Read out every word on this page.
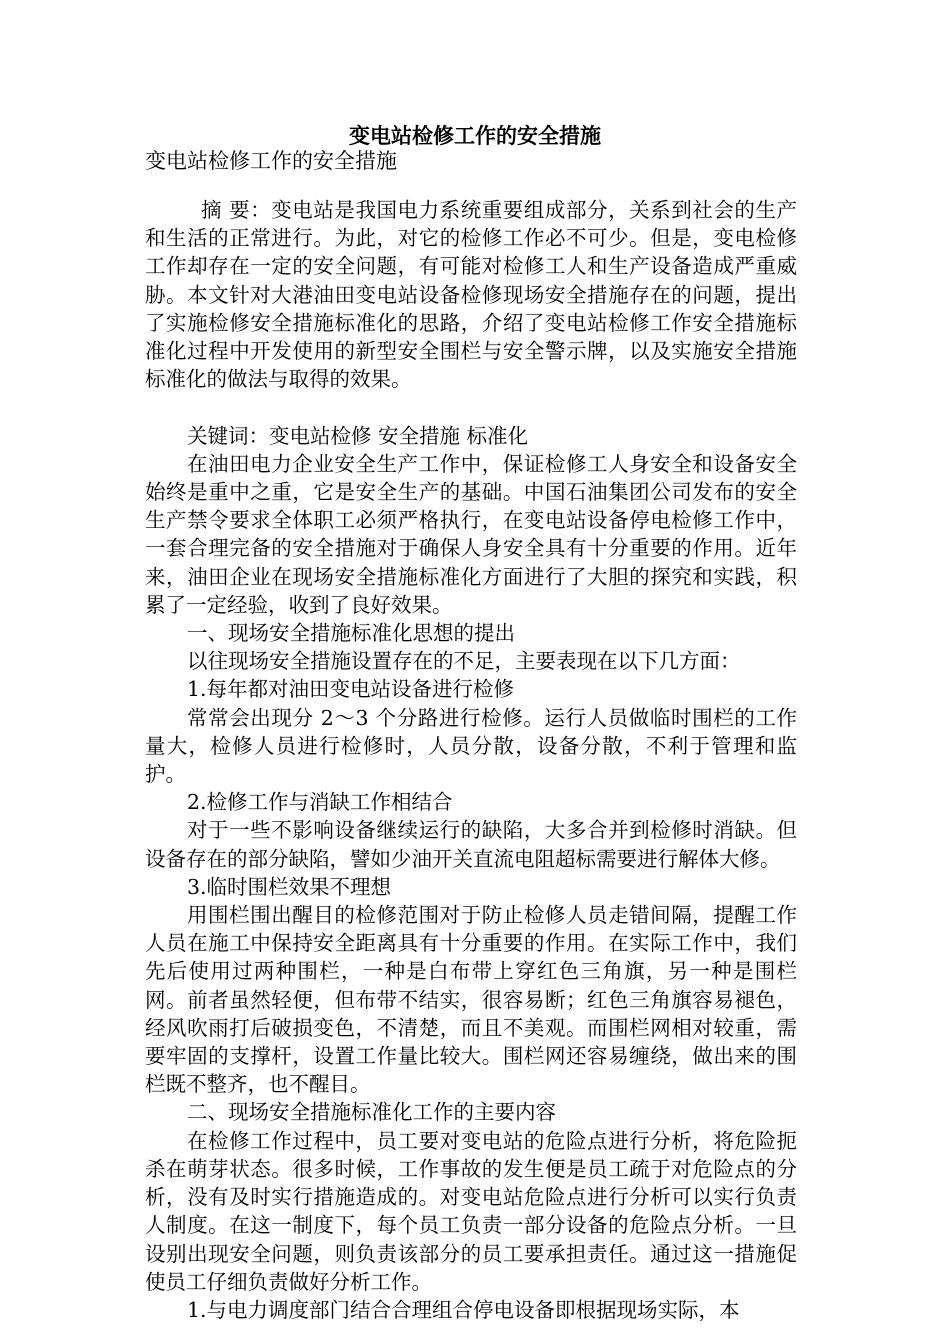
变电站检修工作的安全措施
变电站检修工作的安全措施

摘 要：变电站是我国电力系统重要组成部分，关系到社会的生产和生活的正常进行。为此，对它的检修工作必不可少。但是，变电检修工作却存在一定的安全问题，有可能对检修工人和生产设备造成严重威胁。本文针对大港油田变电站设备检修现场安全措施存在的问题，提出了实施检修安全措施标准化的思路，介绍了变电站检修工作安全措施标准化过程中开发使用的新型安全围栏与安全警示牌，以及实施安全措施标准化的做法与取得的效果。

关键词：变电站检修 安全措施 标准化

在油田电力企业安全生产工作中，保证检修工人身安全和设备安全始终是重中之重，它是安全生产的基础。中国石油集团公司发布的安全生产禁令要求全体职工必须严格执行，在变电站设备停电检修工作中，一套合理完备的安全措施对于确保人身安全具有十分重要的作用。近年来，油田企业在现场安全措施标准化方面进行了大胆的探究和实践，积累了一定经验，收到了良好效果。

一、现场安全措施标准化思想的提出

以往现场安全措施设置存在的不足，主要表现在以下几方面：

1.每年都对油田变电站设备进行检修

常常会出现分 2～3 个分路进行检修。运行人员做临时围栏的工作量大，检修人员进行检修时，人员分散，设备分散，不利于管理和监护。

2.检修工作与消缺工作相结合

对于一些不影响设备继续运行的缺陷，大多合并到检修时消缺。但设备存在的部分缺陷，譬如少油开关直流电阻超标需要进行解体大修。

3.临时围栏效果不理想

用围栏围出醒目的检修范围对于防止检修人员走错间隔，提醒工作人员在施工中保持安全距离具有十分重要的作用。在实际工作中，我们先后使用过两种围栏，一种是白布带上穿红色三角旗，另一种是围栏网。前者虽然轻便，但布带不结实，很容易断；红色三角旗容易褪色，经风吹雨打后破损变色，不清楚，而且不美观。而围栏网相对较重，需要牢固的支撑杆，设置工作量比较大。围栏网还容易缠绕，做出来的围栏既不整齐，也不醒目。

二、现场安全措施标准化工作的主要内容

在检修工作过程中，员工要对变电站的危险点进行分析，将危险扼杀在萌芽状态。很多时候，工作事故的发生便是员工疏于对危险点的分析，没有及时实行措施造成的。对变电站危险点进行分析可以实行负责人制度。在这一制度下，每个员工负责一部分设备的危险点分析。一旦设别出现安全问题，则负责该部分的员工要承担责任。通过这一措施促使员工仔细负责做好分析工作。

1.与电力调度部门结合合理组合停电设备即根据现场实际，本
